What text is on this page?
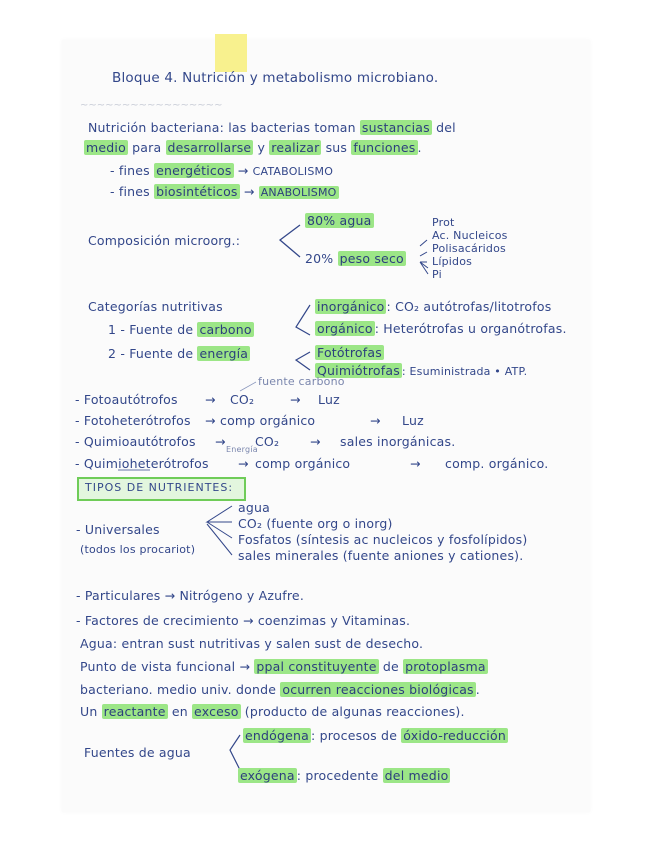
~~~~~~~~~~~~~~~~~
Bloque 4. Nutrición y metabolismo microbiano.
Nutrición bacteriana: las bacterias toman sustancias del
medio para desarrollarse y realizar sus funciones .
- fines energéticos → CATABOLISMO
- fines biosintéticos → ANABOLISMO
Composición microorg.:
80% agua
20% peso seco
Prot
Ac. Nucleicos
Polisacáridos
Lípidos
Pi
Categorías nutritivas	inorgánico : CO₂ autótrofas/litotrofos
1 - Fuente de carbono	orgánico : Heterótrofas u organótrofas.
2 - Fuente de energía	Fotótrofas
Quimiótrofas : Esuministrada • ATP.
fuente carbono
- Fotoautótrofos → CO₂	→ Luz
- Fotoheterótrofos → comp orgánico	→ Luz
- Quimioautótrofos → CO₂ → sales inorgánicas.
- Quimioheterótrofos → comp orgánico	→ comp. orgánico.
Energía
TIPOS DE NUTRIENTES:
- Universales
(todos los procariot)
agua
CO₂ (fuente org o inorg)
Fosfatos (síntesis ac nucleicos y fosfolípidos)
sales minerales (fuente aniones y cationes).
- Particulares → Nitrógeno y Azufre.
- Factores de crecimiento → coenzimas y Vitaminas.
Agua: entran sust nutritivas y salen sust de desecho.
Punto de vista funcional → ppal constituyente de protoplasma
bacteriano. medio univ. donde ocurren reacciones biológicas .
Un reactante en exceso (producto de algunas reacciones).
Fuentes de agua
endógena : procesos de óxido-reducción
exógena : procedente del medio
